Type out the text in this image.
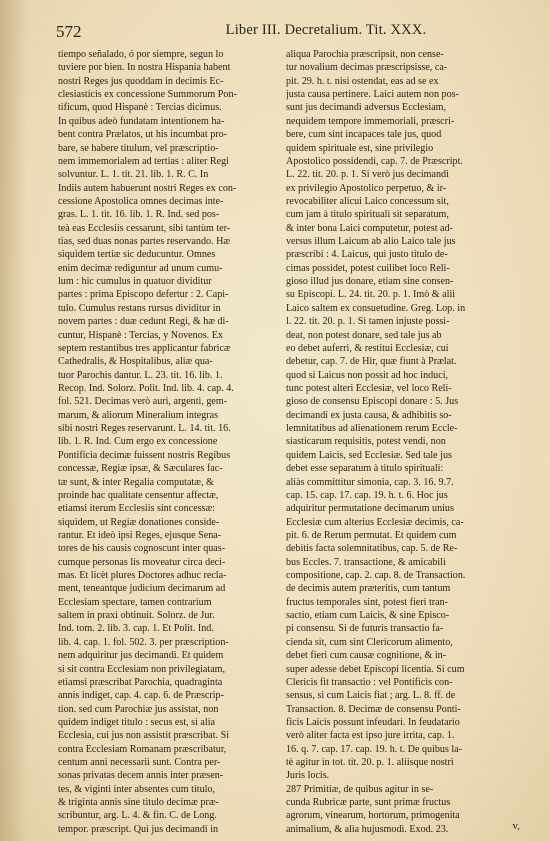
572	Liber III. Decretalium. Tit. XXX.

tiempo señalado, ó por siempre, segun lo

tuviere por bien. In nostra Hispania habent

nostri Reges jus quoddam in decimis Ec-

clesiasticis ex concessione Summorum Pon-

tificum, quod Hispanè : Tercias dicimus.

In quibus adeò fundatam intentionem ha-

bent contra Prælatos, ut his incumbat pro-

bare, se habere titulum, vel præscriptio-

nem immemorialem ad tertias : aliter Regi

solvuntur. L. 1. tit. 21. lib. 1. R. C. In

Indiis autem habuerunt nostri Reges ex con-

cessione Apostolica omnes decimas inte-

gras. L. 1. tit. 16. lib. 1. R. Ind. sed pos-

teà eas Ecclesiis cessarunt, sibi tantùm ter-

tias, sed duas nonas partes reservando. Hæ

siquidem tertiæ sic deducuntur. Omnes

enim decimæ rediguntur ad unum cumu-

lum : hic cumulus in quatuor dividitur

partes : prima Episcopo defertur : 2. Capi-

tulo. Cumulus restans rursus dividitur in

novem partes : duæ cedunt Regi, & hæ di-

cuntur, Hispanè : Tercias, y Novenos. Ex

septem restantibus tres applicantur fabricæ

Cathedralis, & Hospitalibus, aliæ qua-

tuor Parochis dantur. L. 23. tit. 16. lib. 1.

Recop. Ind. Solorz. Polit. Ind. lib. 4. cap. 4.

fol. 521. Decimas verò auri, argenti, gem-

marum, & aliorum Mineralium integras

sibi nostri Reges reservarunt. L. 14. tit. 16.

lib. 1. R. Ind. Cum ergo ex concessione

Pontificia decimæ fuissent nostris Regibus

concessæ, Regiæ ipsæ, & Sæculares fac-

tæ sunt, & inter Regalia computatæ, &

proinde hac qualitate censentur affectæ,

etiamsi iterum Ecclesiis sint concessæ:

siquidem, ut Regiæ donationes conside-

rantur. Et ideò ipsi Reges, ejusque Sena-

tores de his causis cognoscunt inter quas-

cumque personas lis moveatur circa deci-

mas. Et licèt plures Doctores adhuc recla-

ment, teneantque judicium decimarum ad

Ecclesiam spectare, tamen contrarium

saltem in praxi obtinuit. Solorz. de Jur.

Ind. tom. 2. lib. 3. cap. 1. Et Polit. Ind.

lib. 4. cap. 1. fol. 502. 3. per præscription-

nem adquiritur jus decimandi. Et quidem

si sit contra Ecclesiam non privilegiatam,

etiamsi præscribat Parochia, quadraginta

annis indiget, cap. 4. cap. 6. de Præscrip-

tion. sed cum Parochiæ jus assistat, non

quidem indiget titulo : secus est, si alia

Ecclesia, cui jus non assistit præscribat. Si

contra Ecclesiam Romanam præscribatur,

centum anni necessarii sunt. Contra per-

sonas privatas decem annis inter præsen-

tes, & viginti inter absentes cum titulo,

& triginta annis sine titulo decimæ præ-

scribuntur, arg. L. 4. & fin. C. de Long.

tempor. præscript. Qui jus decimandi in

aliqua Parochia præscripsit, non cense-

tur novalium decimas præscripsisse, ca-

pit. 29. h. t. nisi ostendat, eas ad se ex

justa causa pertinere. Laici autem non pos-

sunt jus decimandi adversus Ecclesiam,

nequidem tempore immemoriali, præscri-

bere, cum sint incapaces tale jus, quod

quidem spirituale est, sine privilegio

Apostolico possidendi, cap. 7. de Præscript.

L. 22. tit. 20. p. 1. Si verò jus decimandi

ex privilegio Apostolico perpetuo, & ir-

revocabiliter alicui Laico concessum sit,

cum jam à titulo spirituali sit separatum,

& inter bona Laici computetur, potest ad-

versus illum Laicum ab alio Laico tale jus

præscribi : 4. Laicus, qui justo titulo de-

cimas possidet, potest cuilibet loco Reli-

gioso illud jus donare, etiam sine consen-

su Episcopi. L. 24. tit. 20. p. 1. Imò & alii

Laico saltem ex consuetudine. Greg. Lop. in

l. 22. tit. 20. p. 1. Si tamen injuste possi-

deat, non potest donare, sed tale jus ab

eo debet auferri, & restitui Ecclesiæ, cui

debetur, cap. 7. de Hir, quæ fiunt à Prælat.

quod si Laicus non possit ad hoc induci,

tunc potest alteri Ecclesiæ, vel loco Reli-

gioso de consensu Episcopi donare : 5. Jus

decimandi ex justa causa, & adhibitis so-

lemnitatibus ad alienationem rerum Eccle-

siasticarum requisitis, potest vendi, non

quidem Laicis, sed Ecclesiæ. Sed tale jus

debet esse separatum à titulo spirituali:

aliàs committitur simonia, cap. 3. 16. 9.7.

cap. 15. cap. 17. cap. 19. h. t. 6. Hoc jus

adquiritur permutatione decimarum unius

Ecclesiæ cum alterius Ecclesiæ decimis, ca-

pit. 6. de Rerum permutat. Et quidem cum

debitis facta solemnitatibus, cap. 5. de Re-

bus Eccles. 7. transactione, & amicabili

compositione, cap. 2. cap. 8. de Transaction.

de decimis autem præteritis, cum tantum

fructus temporales sint, potest fieri tran-

sactio, etiam cum Laicis, & sine Episco-

pi consensu. Si de futuris transactio fa-

cienda sit, cum sint Clericorum alimento,

debet fieri cum causæ cognitione, & in-

super adesse debet Episcopi licentia. Si cum

Clericis fit transactio : vel Pontificis con-

sensus, si cum Laicis fiat ; arg. L. 8. ff. de

Transaction. 8. Decimæ de consensu Ponti-

ficis Laicis possunt infeudari. In feudatario

verò aliter facta est ipso jure irrita, cap. 1.

16. q. 7. cap. 17. cap. 19. h. t. De quibus la-

tè agitur in tot. tit. 20. p. 1. aliisque nostri

Juris locis.

287 Primitiæ, de quibus agitur in se-

cunda Rubricæ parte, sunt primæ fructus

agrorum, vinearum, hortorum, primogenita

animalium, & alia hujusmodi. Exod. 23.	v,
